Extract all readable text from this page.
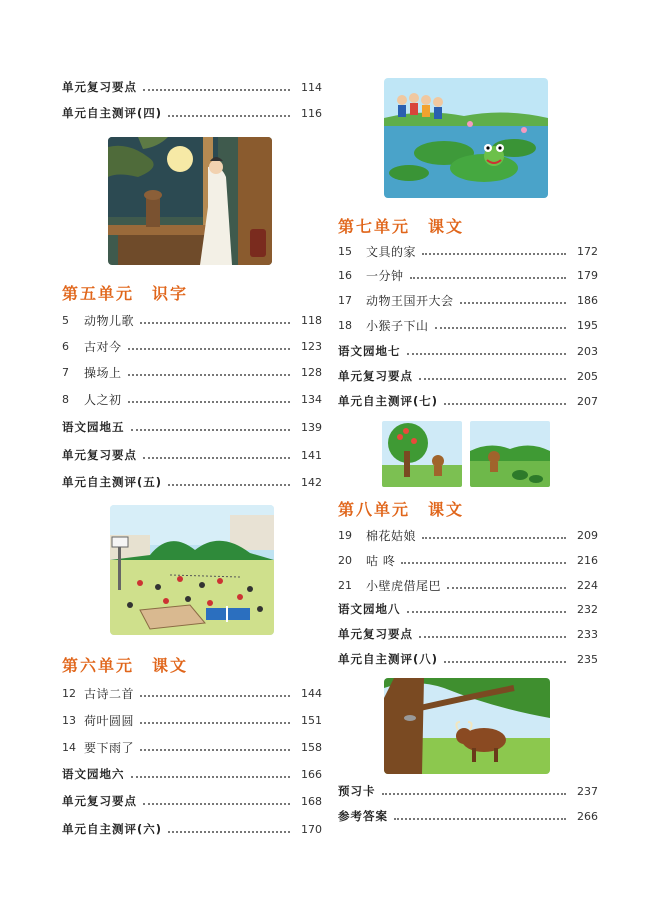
单元复习要点	114
单元自主测评(四)	116
第五单元 识字
5	动物儿歌	118
6	古对今	123
7	操场上	128
8	人之初	134
语文园地五	139
单元复习要点	141
单元自主测评(五)	142
第六单元 课文
12 古诗二首	144
13 荷叶圆圆	151
14 要下雨了	158
语文园地六	166
单元复习要点	168
单元自主测评(六)	170
第七单元 课文
15	文具的家	172
16	一分钟	179
17	动物王国开大会	186
18	小猴子下山	195
语文园地七	203
单元复习要点	205
单元自主测评(七)	207
第八单元 课文
19	棉花姑娘	209
20	咕 咚	216
21	小壁虎借尾巴	224
语文园地八	232
单元复习要点	233
单元自主测评(八)	235
预习卡	237
参考答案	266
